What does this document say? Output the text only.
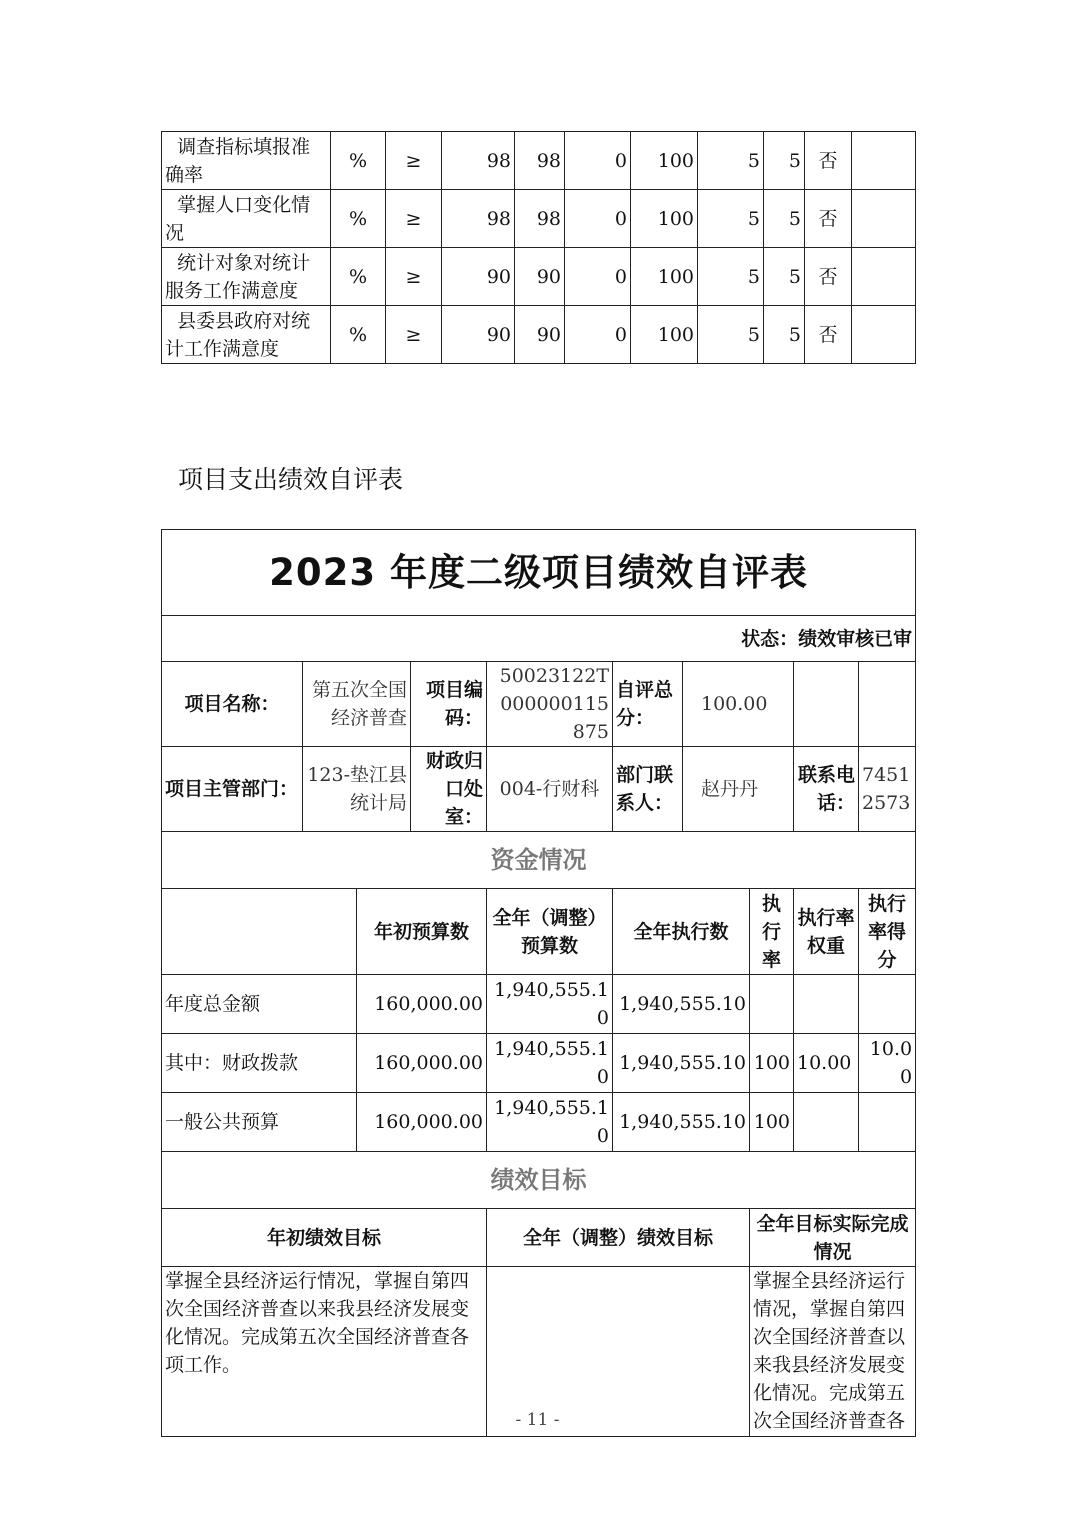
调查指标填报准确率	%	≥	98	98	0	100	5	5	否	
掌握人口变化情况	%	≥	98	98	0	100	5	5	否	
统计对象对统计服务工作满意度	%	≥	90	90	0	100	5	5	否	
县委县政府对统计工作满意度	%	≥	90	90	0	100	5	5	否	
项目支出绩效自评表
2023 年度二级项目绩效自评表									
状态：绩效审核已审									
项目名称：	第五次全国经济普查		项目编码：	50023122T000000115875	自评总分：	100.00			
项目主管部门：	123-垫江县统计局		财政归口处室：	004-行财科	部门联系人：	赵丹丹		联系电话：	74512573
资金情况									
		年初预算数		全年（调整）预算数	全年执行数		执行率	执行率权重	执行率得分
年度总金额		160,000.00		1,940,555.10	1,940,555.10				
其中：财政拨款		160,000.00		1,940,555.10	1,940,555.10		100	10.00	10.00
一般公共预算		160,000.00		1,940,555.10	1,940,555.10		100		
绩效目标									
年初绩效目标				全年（调整）绩效目标			全年目标实际完成情况		
掌握全县经济运行情况，掌握自第四次全国经济普查以来我县经济发展变化情况。完成第五次全国经济普查各项工作。							掌握全县经济运行情况，掌握自第四次全国经济普查以来我县经济发展变化情况。完成第五次全国经济普查各		
- 11 -
